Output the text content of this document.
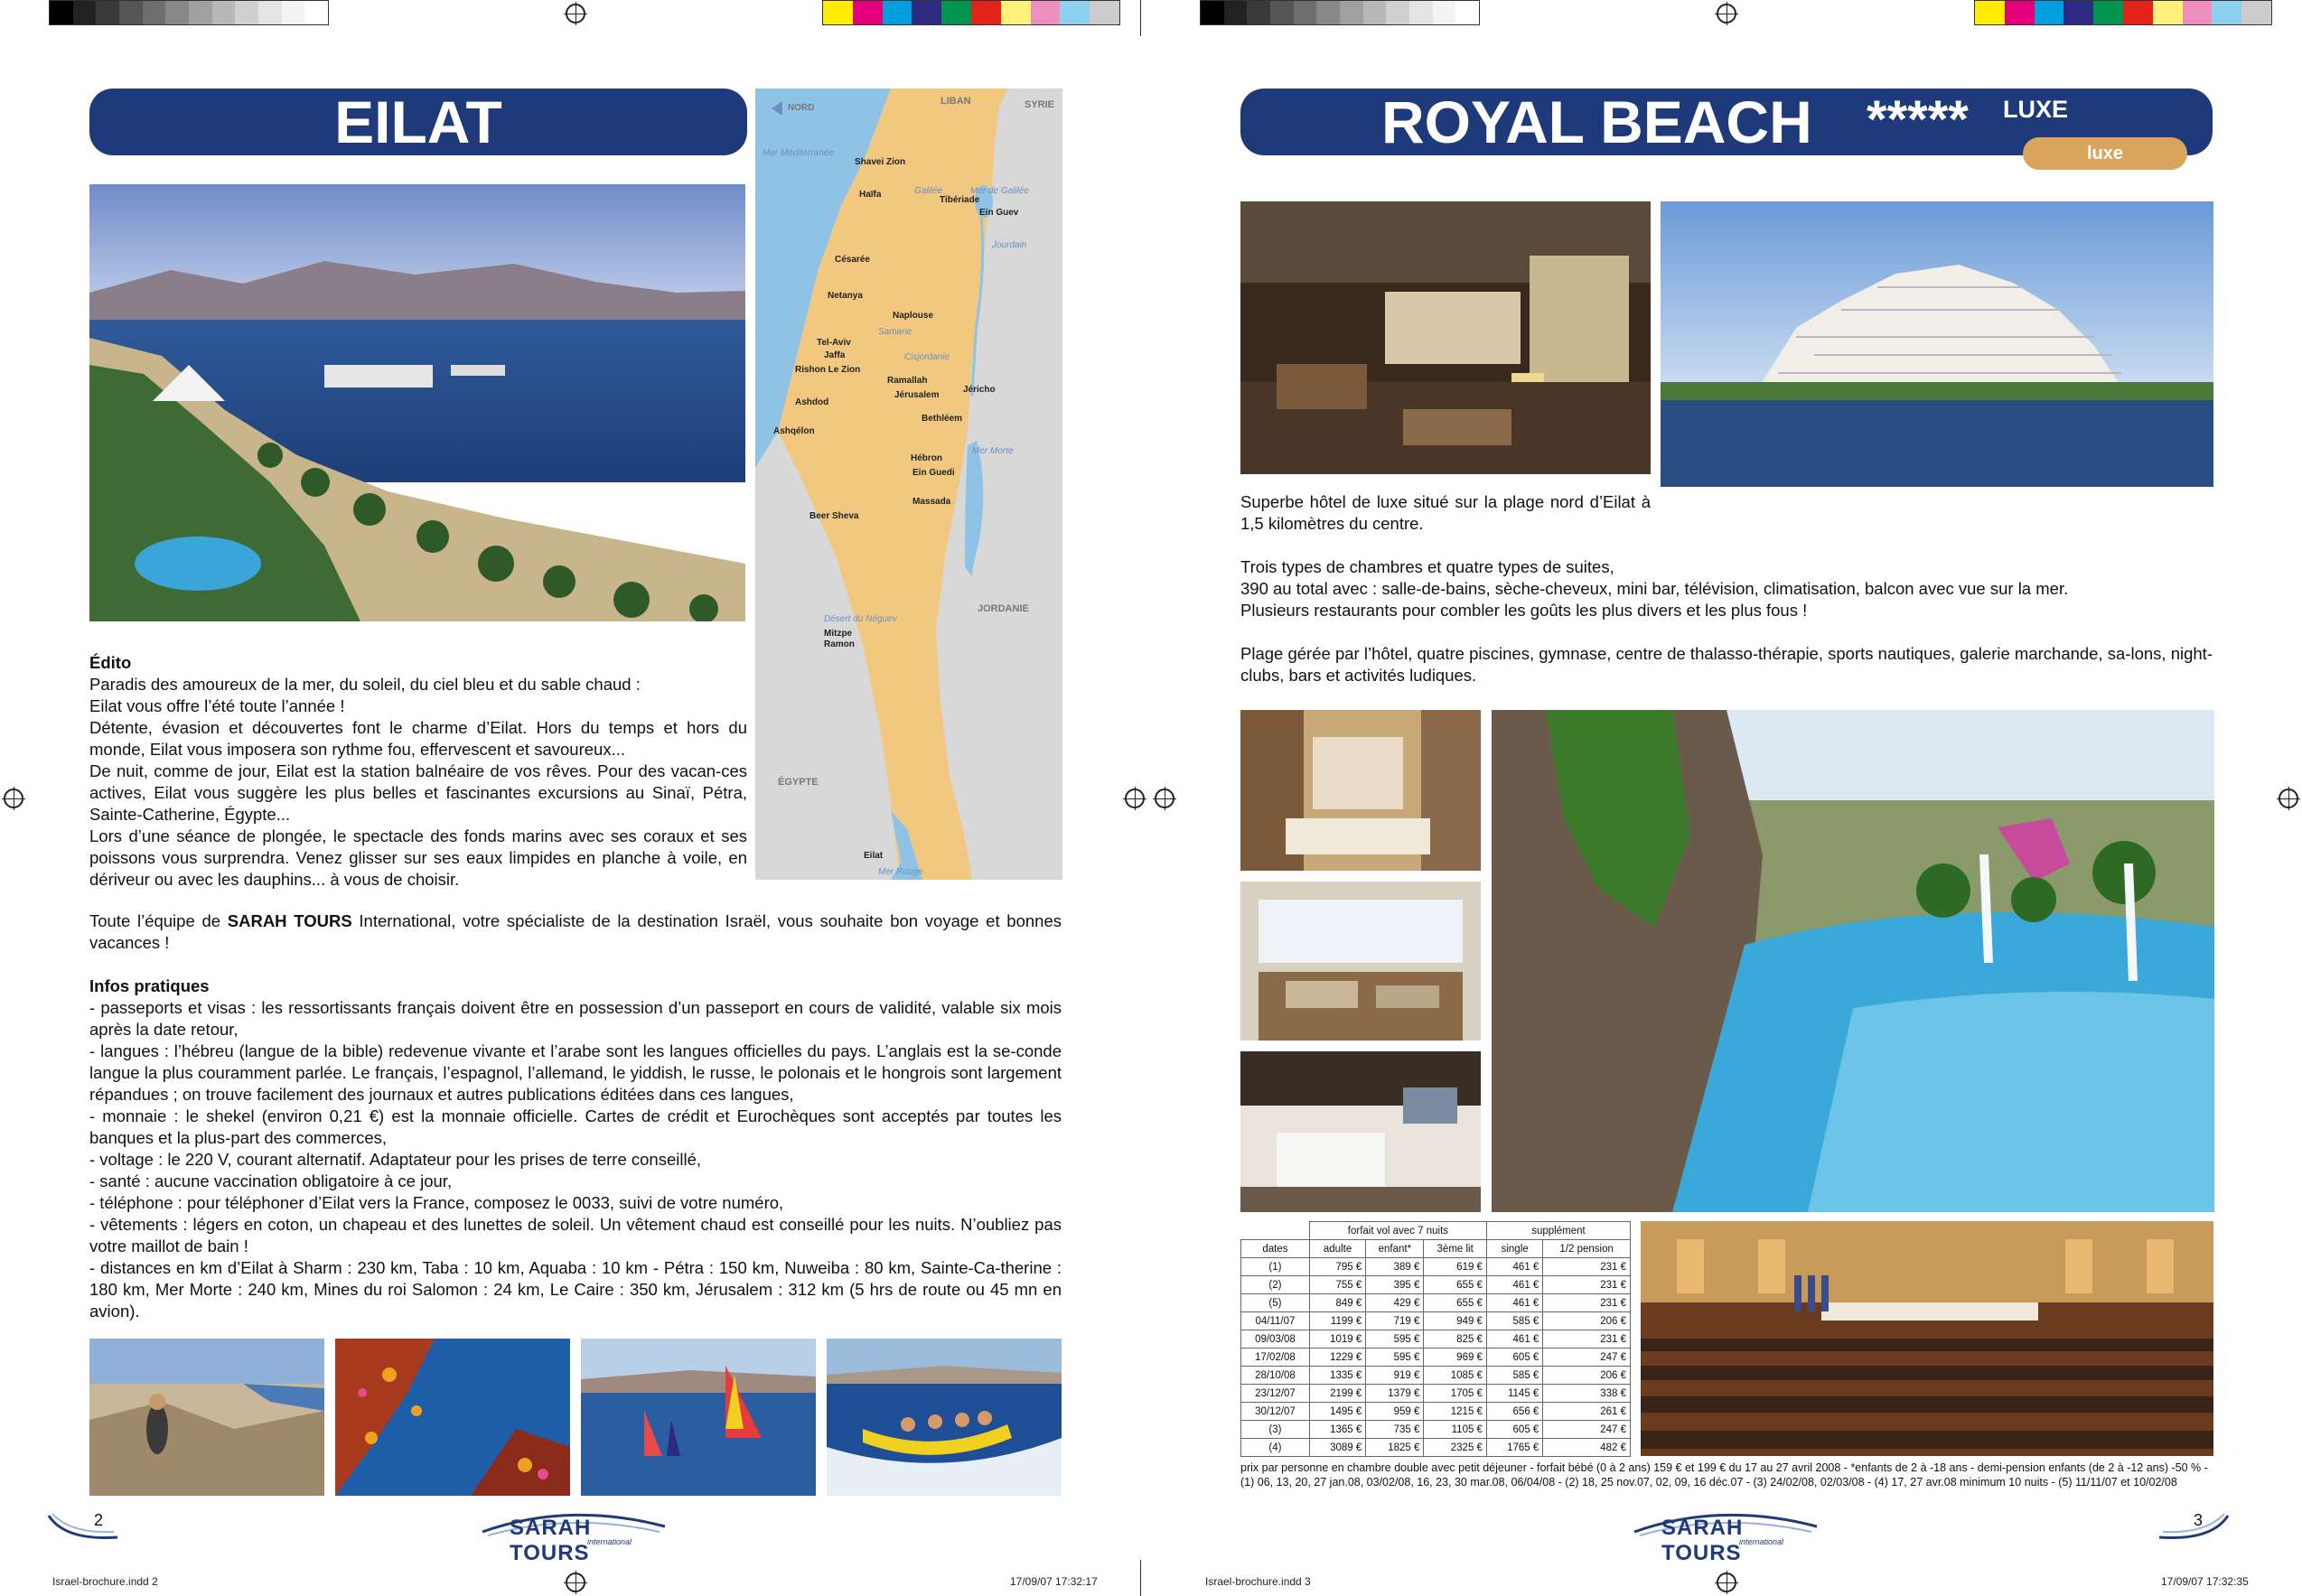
EILAT	NORD
LIBAN	SYRIE
JORDANIE
ÉGYPTE
Mer Méditerranée
Galilée	Mer de Galilée
Jourdain
Samarie
Cisjordanie
Mer Morte
Désert du Néguev
Mer Rouge
Shavei Zion
Haïfa
Tibériade
Ein Guev
Césarée
Netanya
Naplouse
Tel-Aviv
Jaffa
Rishon Le Zion
Ramallah
Jérusalem
Jéricho
Ashdod
Bethléem
Ashqélon
Hébron
Ein Guedi
Massada
Beer Sheva
Mitzpe Ramon
Eilat

Édito

Paradis des amoureux de la mer, du soleil, du ciel bleu et du sable chaud :

Eilat vous offre l’été toute l’année !

Détente, évasion et découvertes font le charme d’Eilat. Hors du temps et hors du monde, Eilat vous imposera son rythme fou, effervescent et savoureux...

De nuit, comme de jour, Eilat est la station balnéaire de vos rêves. Pour des vacan-ces actives, Eilat vous suggère les plus belles et fascinantes excursions au Sinaï, Pétra, Sainte-Catherine, Égypte...

Lors d’une séance de plongée, le spectacle des fonds marins avec ses coraux et ses poissons vous surprendra. Venez glisser sur ses eaux limpides en planche à voile, en dériveur ou avec les dauphins... à vous de choisir.

Toute l’équipe de SARAH TOURS International, votre spécialiste de la destination Israël, vous souhaite bon voyage et bonnes vacances !

Infos pratiques

- passeports et visas : les ressortissants français doivent être en possession d’un passeport en cours de validité, valable six mois après la date retour,

- langues : l’hébreu (langue de la bible) redevenue vivante et l’arabe sont les langues officielles du pays. L’anglais est la se-conde langue la plus couramment parlée. Le français, l’espagnol, l’allemand, le yiddish, le russe, le polonais et le hongrois sont largement répandues ; on trouve facilement des journaux et autres publications éditées dans ces langues,

- monnaie : le shekel (environ 0,21 €) est la monnaie officielle. Cartes de crédit et Eurochèques sont acceptés par toutes les banques et la plus-part des commerces,

- voltage : le 220 V, courant alternatif. Adaptateur pour les prises de terre conseillé,

- santé : aucune vaccination obligatoire à ce jour,

- téléphone : pour téléphoner d’Eilat vers la France, composez le 0033, suivi de votre numéro,

- vêtements : légers en coton, un chapeau et des lunettes de soleil. Un vêtement chaud est conseillé pour les nuits. N’oubliez pas votre maillot de bain !

- distances en km d’Eilat à Sharm : 230 km, Taba : 10 km, Aquaba : 10 km - Pétra : 150 km, Nuweiba : 80 km, Sainte-Ca-therine : 180 km, Mer Morte : 240 km, Mines du roi Salomon : 24 km, Le Caire : 350 km, Jérusalem : 312 km (5 hrs de route ou 45 mn en avion).

2	SARAH TOURS
international
Israel-brochure.indd 2	17/09/07 17:32:17
ROYAL BEACH ***** LUXE
luxe
Superbe hôtel de luxe situé sur la plage nord d’Eilat à 1,5 kilomètres du centre.

Trois types de chambres et quatre types de suites,

390 au total avec : salle-de-bains, sèche-cheveux, mini bar, télévision, climatisation, balcon avec vue sur la mer.

Plusieurs restaurants pour combler les goûts les plus divers et les plus fous !

Plage gérée par l’hôtel, quatre piscines, gymnase, centre de thalasso-thérapie, sports nautiques, galerie marchande, sa-lons, night-clubs, bars et activités ludiques.
	forfait vol avec 7 nuits			supplément	
dates	adulte	enfant*	3ème lit	single	1/2 pension
(1)	795 €	389 €	619 €	461 €	231 €
(2)	755 €	395 €	655 €	461 €	231 €
(5)	849 €	429 €	655 €	461 €	231 €
04/11/07	1199 €	719 €	949 €	585 €	206 €
09/03/08	1019 €	595 €	825 €	461 €	231 €
17/02/08	1229 €	595 €	969 €	605 €	247 €
28/10/08	1335 €	919 €	1085 €	585 €	206 €
23/12/07	2199 €	1379 €	1705 €	1145 €	338 €
30/12/07	1495 €	959 €	1215 €	656 €	261 €
(3)	1365 €	735 €	1105 €	605 €	247 €
(4)	3089 €	1825 €	2325 €	1765 €	482 €
prix par personne en chambre double avec petit déjeuner - forfait bébé (0 à 2 ans) 159 € et 199 € du 17 au 27 avril 2008 - *enfants de 2 à -18 ans - demi-pension enfants (de 2 à -12 ans) -50 % - (1) 06, 13, 20, 27 jan.08, 03/02/08, 16, 23, 30 mar.08, 06/04/08 - (2) 18, 25 nov.07, 02, 09, 16 déc.07 - (3) 24/02/08, 02/03/08 - (4) 17, 27 avr.08 minimum 10 nuits - (5) 11/11/07 et 10/02/08
SARAH TOURS
international
3
Israel-brochure.indd 3	17/09/07 17:32:35
